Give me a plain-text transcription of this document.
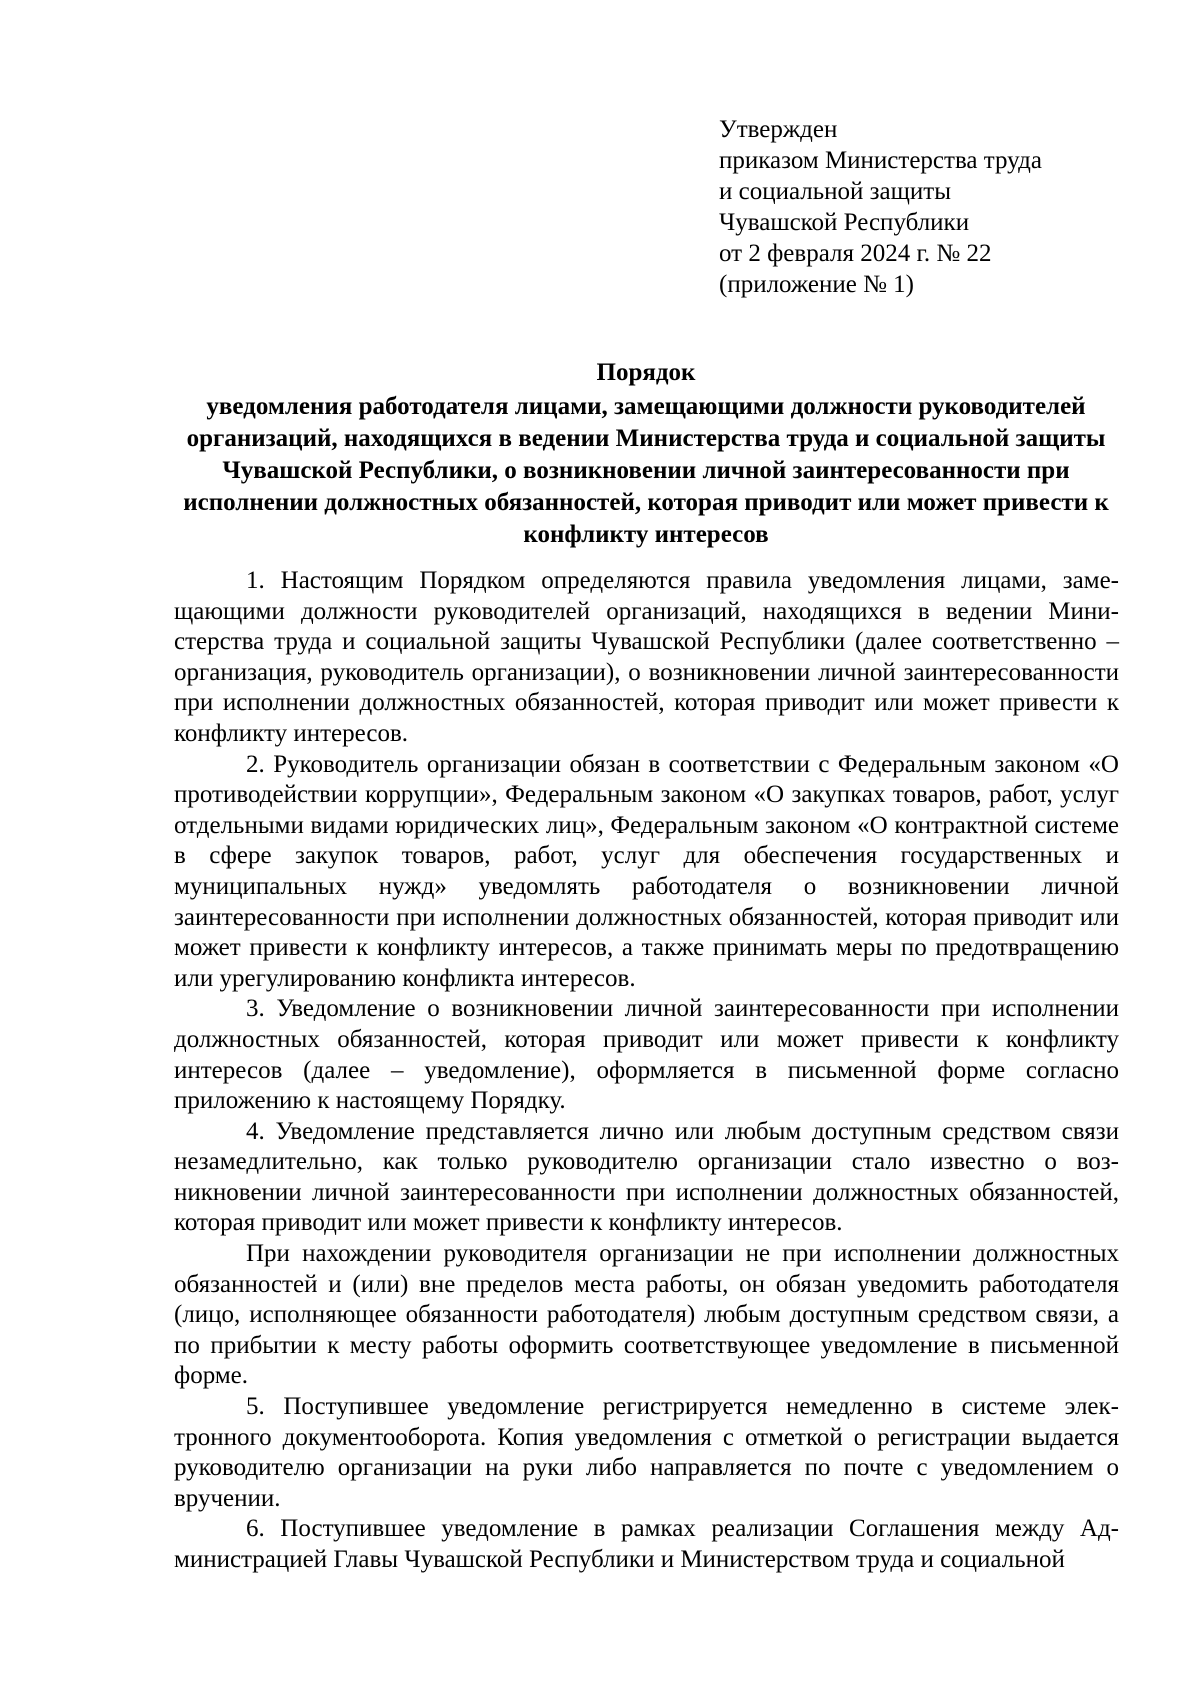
Утвержден
приказом Министерства труда
и социальной защиты
Чувашской Республики
от 2 февраля 2024 г. № 22
(приложение № 1)
Порядок
уведомления работодателя лицами, замещающими должности руководителей организаций, находящихся в ведении Министерства труда и социальной защиты Чувашской Республики, о возникновении личной заинтересованности при исполнении должностных обязанностей, которая приводит или может привести к конфликту интересов

1. Настоящим Порядком определяются правила уведомления лицами, замещающими должности руководителей организаций, находящихся в ведении Министерства труда и социальной защиты Чувашской Республики (далее соответственно – организация, руководитель организации), о возникновении личной заинтересованности при исполнении должностных обязанностей, которая приводит или может привести к конфликту интересов.

2. Руководитель организации обязан в соответствии с Федеральным законом «О противодействии коррупции», Федеральным законом «О закупках товаров, работ, услуг отдельными видами юридических лиц», Федеральным законом «О контрактной системе в сфере закупок товаров, работ, услуг для обеспечения государственных и муниципальных нужд» уведомлять работодателя о возникновении личной заинтересованности при исполнении должностных обязанностей, которая приводит или может привести к конфликту интересов, а также принимать меры по предотвращению или урегулированию конфликта интересов.

3. Уведомление о возникновении личной заинтересованности при исполнении должностных обязанностей, которая приводит или может привести к конфликту интересов (далее – уведомление), оформляется в письменной форме согласно приложению к настоящему Порядку.

4. Уведомление представляется лично или любым доступным средством связи незамедлительно, как только руководителю организации стало известно о возникновении личной заинтересованности при исполнении должностных обязанностей, которая приводит или может привести к конфликту интересов.

При нахождении руководителя организации не при исполнении должностных обязанностей и (или) вне пределов места работы, он обязан уведомить работодателя (лицо, исполняющее обязанности работодателя) любым доступным средством связи, а по прибытии к месту работы оформить соответствующее уведомление в письменной форме.

5. Поступившее уведомление регистрируется немедленно в системе электронного документооборота. Копия уведомления с отметкой о регистрации выдается руководителю организации на руки либо направляется по почте с уведомлением о вручении.

6. Поступившее уведомление в рамках реализации Соглашения между Администрацией Главы Чувашской Республики и Министерством труда и социальной
